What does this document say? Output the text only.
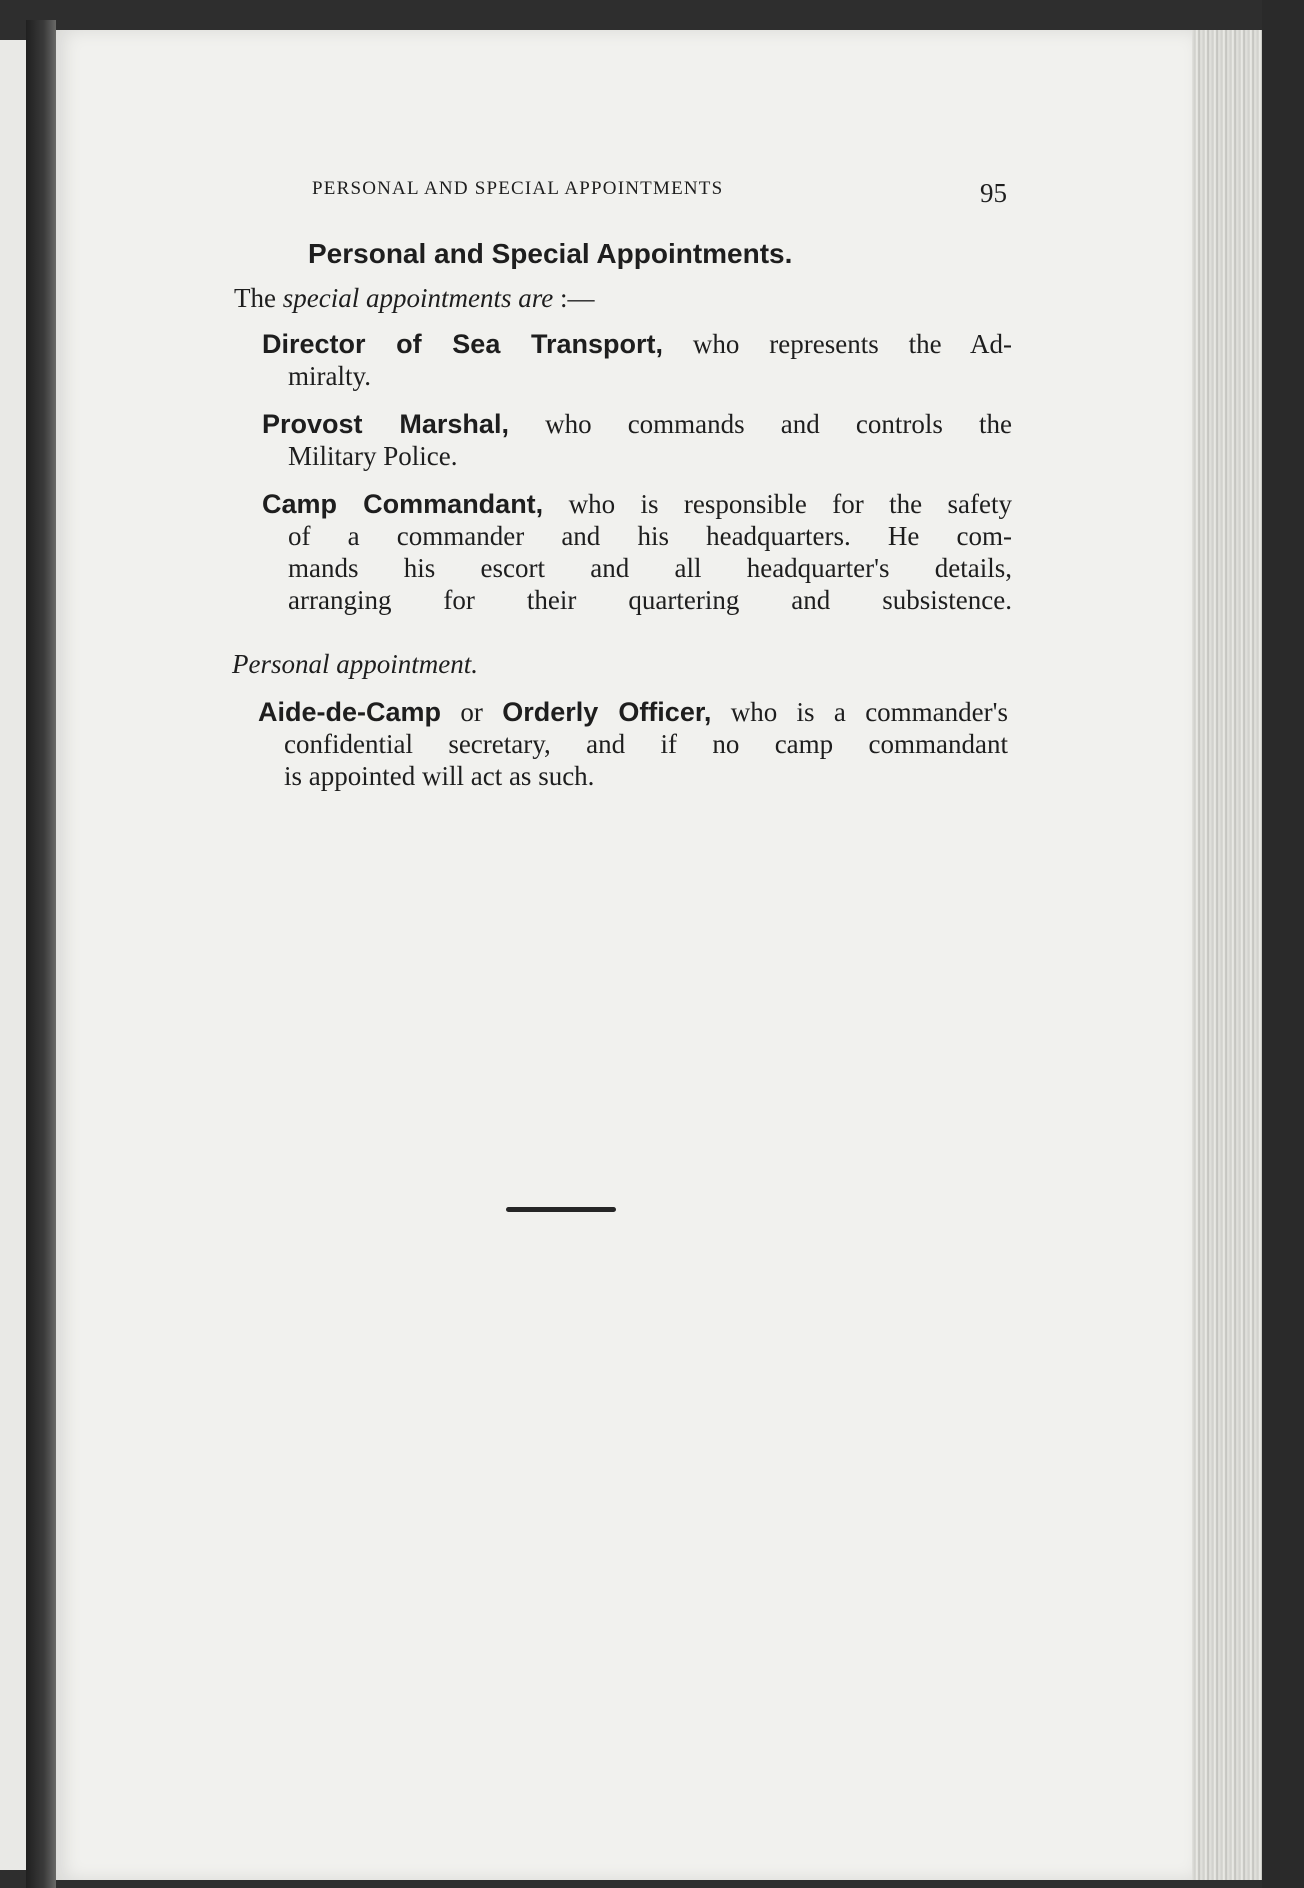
PERSONAL AND SPECIAL APPOINTMENTS	95
Personal and Special Appointments.
The special appointments are :—
Director of Sea Transport, who represents the Ad-
miralty.
Provost Marshal, who commands and controls the
Military Police.
Camp Commandant, who is responsible for the safety
of a commander and his headquarters. He com-
mands his escort and all headquarter's details,
arranging for their quartering and subsistence.
Personal appointment.
Aide-de-Camp or Orderly Officer, who is a commander's
confidential secretary, and if no camp commandant
is appointed will act as such.
